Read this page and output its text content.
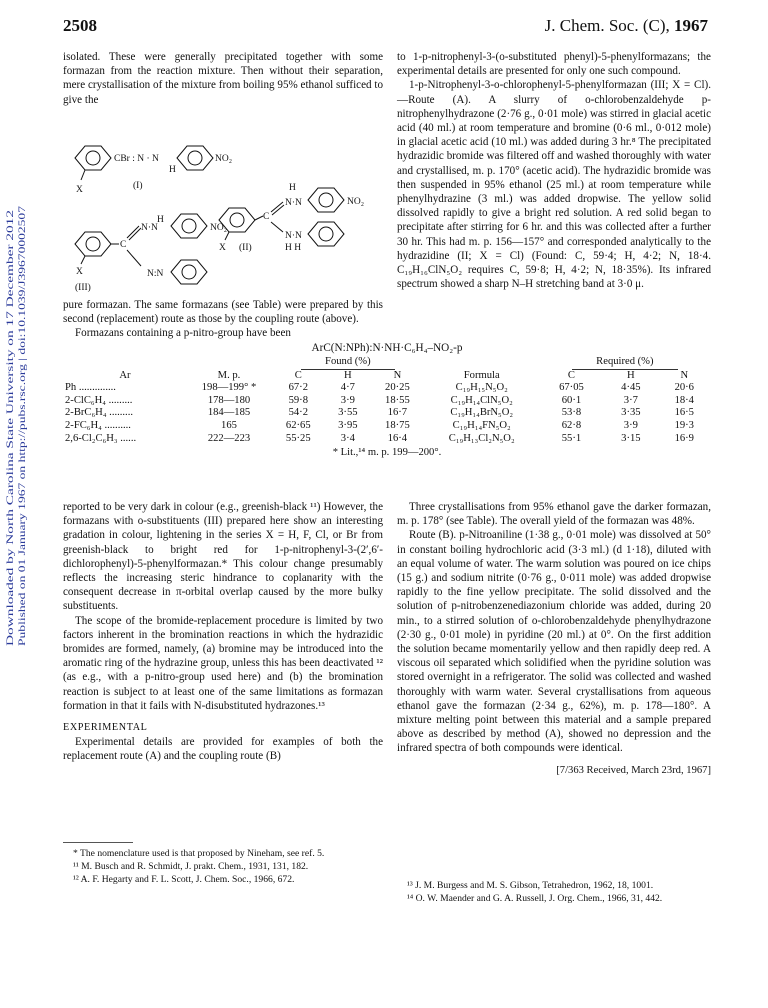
2508	J. Chem. Soc. (C), 1967
Published on 01 January 1967 on http://pubs.rsc.org | doi:10.1039/J39670002507
Downloaded by North Carolina State University on 17 December 2012

isolated. These were generally precipitated together with some formazan from the reaction mixture. Then without their separation, mere crystallisation of the mixture from boiling 95% ethanol sufficed to give the

X
CBr : N · N
H
NO₂
(I)
X
C
N·N
H
NO₂
N·N
H H
(II)
X
C
H
N·N	NO₂
N:N
(III)

pure formazan. The same formazans (see Table) were prepared by this second (replacement) route as those by the coupling route (above).

Formazans containing a p-nitro-group have been

to 1-p-nitrophenyl-3-(o-substituted phenyl)-5-phenylformazans; the experimental details are presented for only one such compound.

1-p-Nitrophenyl-3-o-chlorophenyl-5-phenylformazan (III; X = Cl).—Route (A). A slurry of o-chlorobenzaldehyde p-nitrophenylhydrazone (2·76 g., 0·01 mole) was stirred in glacial acetic acid (40 ml.) at room temperature and bromine (0·6 ml., 0·012 mole) in glacial acetic acid (10 ml.) was added during 3 hr.⁸ The precipitated hydrazidic bromide was filtered off and washed thoroughly with water and crystallised, m. p. 170° (acetic acid). The hydrazidic bromide was then suspended in 95% ethanol (25 ml.) at room temperature while phenylhydrazine (3 ml.) was added dropwise. The yellow solid dissolved rapidly to give a bright red solution. A red solid began to precipitate after stirring for 6 hr. and this was collected after a further 30 hr. This had m. p. 156—157° and corresponded analytically to the hydrazidine (II; X = Cl) (Found: C, 59·4; H, 4·2; N, 18·4. C₁₉H₁₆ClN₅O₂ requires C, 59·8; H, 4·2; N, 18·35%). Its infrared spectrum showed a sharp N–H stretching band at 3·0 μ.

ArC(N:NPh):N·NH·C₆H₄–NO₂-p
		Found (%)				Required (%)		
Ar	M. p.	C	H	N	Formula	C	H	N
Ph ..............	198—199° *	67·2	4·7	20·25	C₁₉H₁₅N₅O₂	67·05	4·45	20·6
2-ClC₆H₄ .........	178—180	59·8	3·9	18·55	C₁₉H₁₄ClN₅O₂	60·1	3·7	18·4
2-BrC₆H₄ .........	184—185	54·2	3·55	16·7	C₁₉H₁₄BrN₅O₂	53·8	3·35	16·5
2-FC₆H₄ ..........	165	62·65	3·95	18·75	C₁₉H₁₄FN₅O₂	62·8	3·9	19·3
2,6-Cl₂C₆H₃ ......	222—223	55·25	3·4	16·4	C₁₉H₁₃Cl₂N₅O₂	55·1	3·15	16·9
* Lit.,¹⁴ m. p. 199—200°.								

reported to be very dark in colour (e.g., greenish-black ¹¹) However, the formazans with o-substituents (III) prepared here show an interesting gradation in colour, lightening in the series X = H, F, Cl, or Br from greenish-black to bright red for 1-p-nitrophenyl-3-(2′,6′-dichlorophenyl)-5-phenylformazan.* This colour change presumably reflects the increasing steric hindrance to coplanarity with the consequent decrease in π-orbital overlap caused by the more bulky substituents.

The scope of the bromide-replacement procedure is limited by two factors inherent in the bromination reactions in which the hydrazidic bromides are formed, namely, (a) bromine may be introduced into the aromatic ring of the hydrazine group, unless this has been deactivated ¹² (as e.g., with a p-nitro-group used here) and (b) the bromination reaction is subject to at least one of the same limitations as formazan formation in that it fails with N-disubstituted hydrazones.¹³

EXPERIMENTAL

Experimental details are provided for examples of both the replacement route (A) and the coupling route (B)

Three crystallisations from 95% ethanol gave the darker formazan, m. p. 178° (see Table). The overall yield of the formazan was 48%.

Route (B). p-Nitroaniline (1·38 g., 0·01 mole) was dissolved at 50° in constant boiling hydrochloric acid (3·3 ml.) (d 1·18), diluted with an equal volume of water. The warm solution was poured on ice chips (15 g.) and sodium nitrite (0·76 g., 0·011 mole) was added dropwise rapidly to the fine yellow precipitate. The solid dissolved and the solution of p-nitrobenzenediazonium chloride was added, during 20 min., to a stirred solution of o-chlorobenzaldehyde phenylhydrazone (2·30 g., 0·01 mole) in pyridine (20 ml.) at 0°. On the first addition the solution became momentarily yellow and then rapidly deep red. A viscous oil separated which solidified when the pyridine solution was stored overnight in a refrigerator. The solid was collected and washed thoroughly with warm water. Several crystallisations from aqueous ethanol gave the formazan (2·34 g., 62%), m. p. 178—180°. A mixture melting point between this material and a sample prepared above as described by method (A), showed no depression and the infrared spectra of both compounds were identical.

[7/363 Received, March 23rd, 1967]

* The nomenclature used is that proposed by Nineham, see ref. 5.

¹¹ M. Busch and R. Schmidt, J. prakt. Chem., 1931, 131, 182.

¹² A. F. Hegarty and F. L. Scott, J. Chem. Soc., 1966, 672.

¹³ J. M. Burgess and M. S. Gibson, Tetrahedron, 1962, 18, 1001.

¹⁴ O. W. Maender and G. A. Russell, J. Org. Chem., 1966, 31, 442.
